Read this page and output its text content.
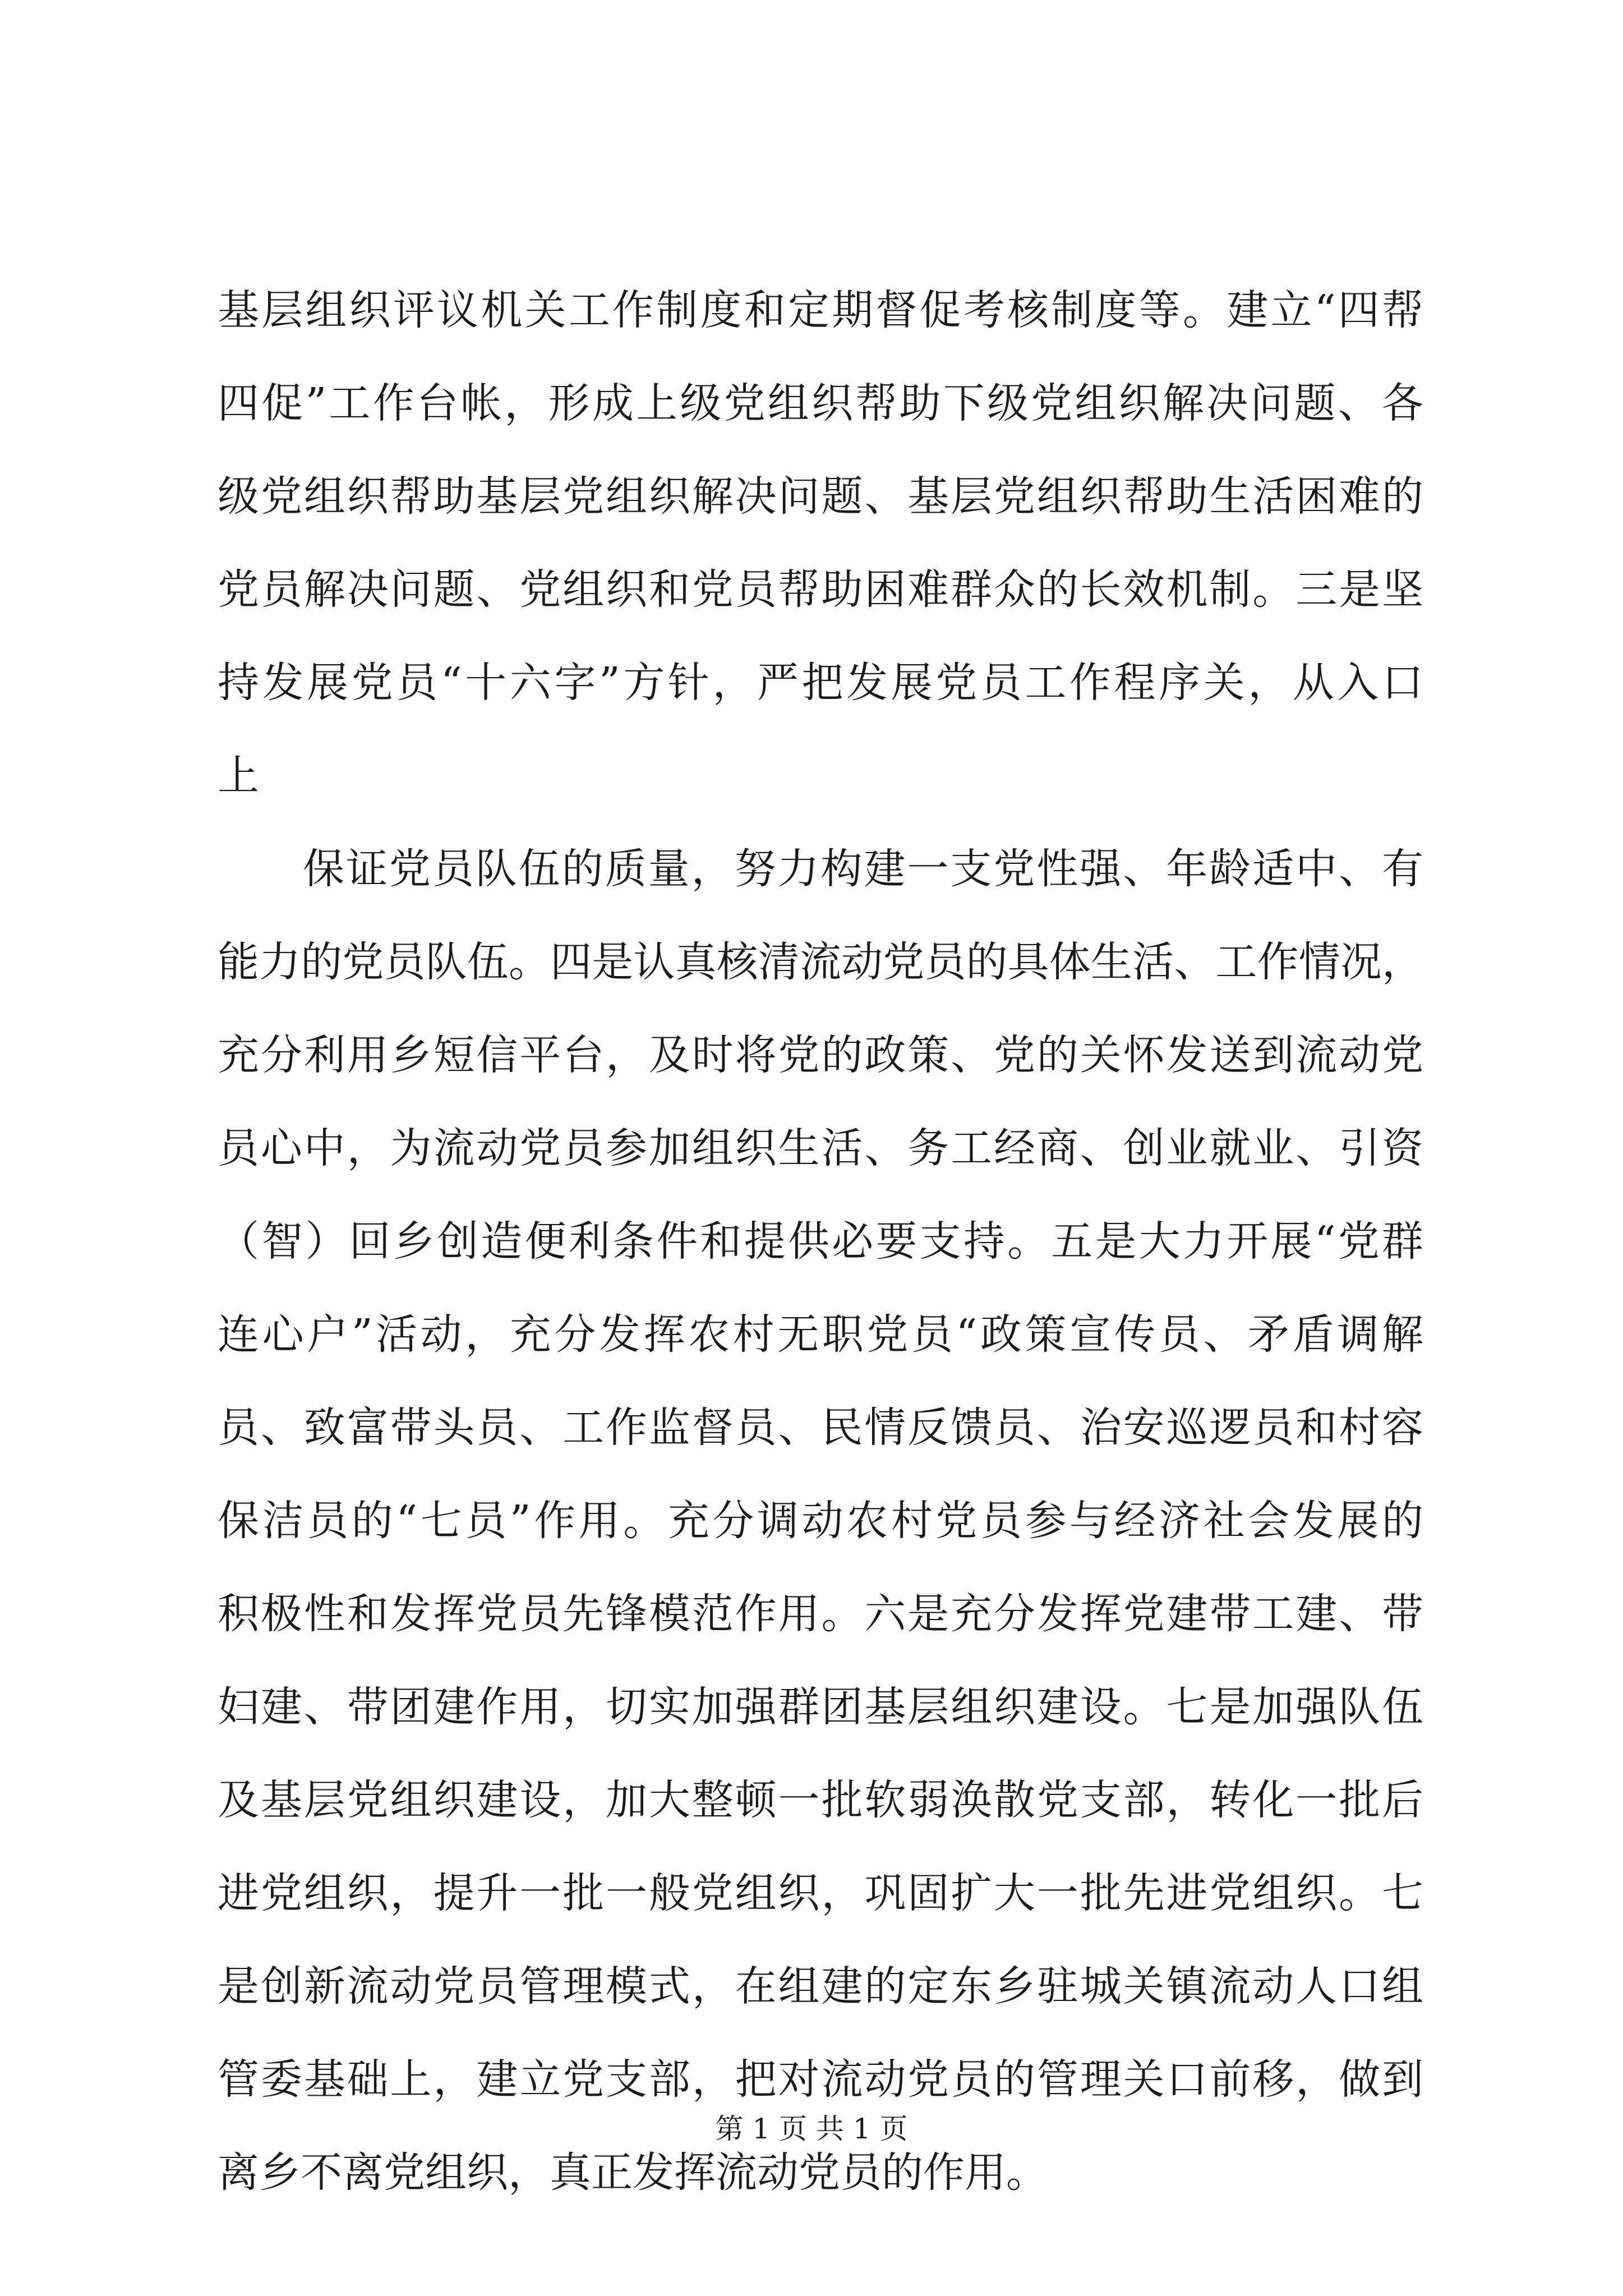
基层组织评议机关工作制度和定期督促考核制度等。建立“四帮
四促”工作台帐，形成上级党组织帮助下级党组织解决问题、各
级党组织帮助基层党组织解决问题、基层党组织帮助生活困难的
党员解决问题、党组织和党员帮助困难群众的长效机制。三是坚
持发展党员“十六字”方针，严把发展党员工作程序关，从入口
上
保证党员队伍的质量，努力构建一支党性强、年龄适中、有
能力的党员队伍。四是认真核清流动党员的具体生活、工作情况，
充分利用乡短信平台，及时将党的政策、党的关怀发送到流动党
员心中，为流动党员参加组织生活、务工经商、创业就业、引资
（智）回乡创造便利条件和提供必要支持。五是大力开展“党群
连心户”活动，充分发挥农村无职党员“政策宣传员、矛盾调解
员、致富带头员、工作监督员、民情反馈员、治安巡逻员和村容
保洁员的“七员”作用。充分调动农村党员参与经济社会发展的
积极性和发挥党员先锋模范作用。六是充分发挥党建带工建、带
妇建、带团建作用，切实加强群团基层组织建设。七是加强队伍
及基层党组织建设，加大整顿一批软弱涣散党支部，转化一批后
进党组织，提升一批一般党组织，巩固扩大一批先进党组织。七
是创新流动党员管理模式，在组建的定东乡驻城关镇流动人口组
管委基础上，建立党支部，把对流动党员的管理关口前移，做到
离乡不离党组织，真正发挥流动党员的作用。
第 1 页 共 1 页
